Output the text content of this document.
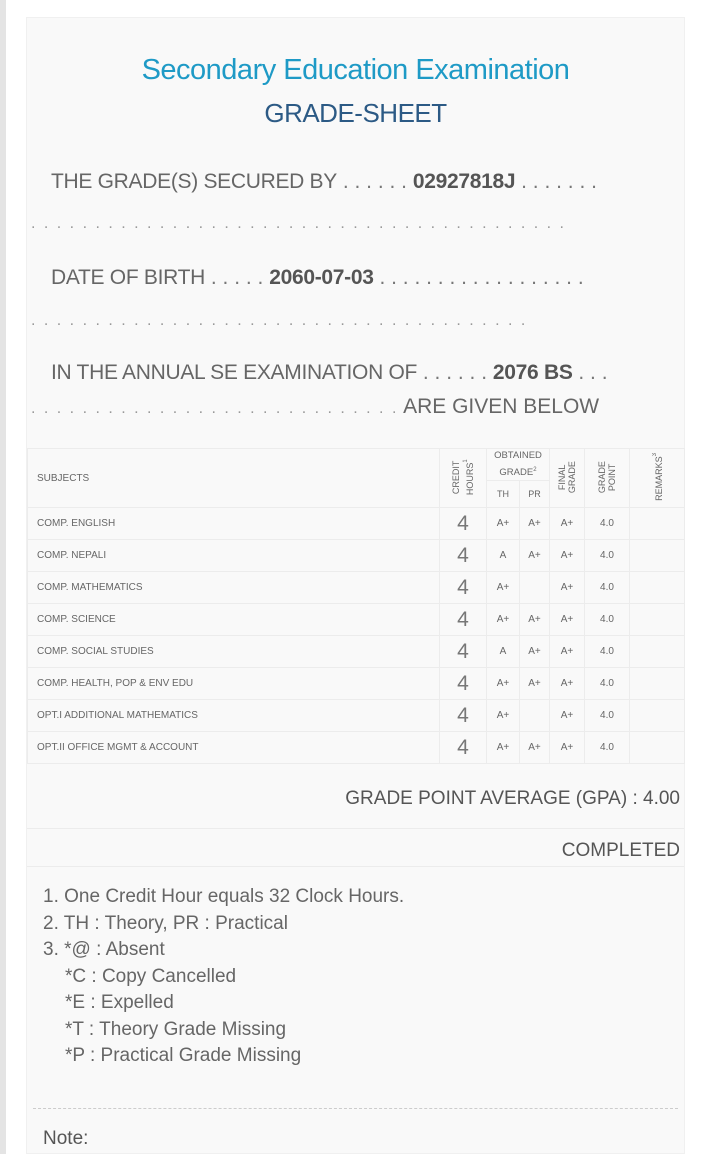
Secondary Education Examination
GRADE-SHEET
THE GRADE(S) SECURED BY . . . . . . 02927818J . . . . . . .
. . . . . . . . . . . . . . . . . . . . . . . . . . . . . . . . . . . . . . . . . .
DATE OF BIRTH . . . . . 2060-07-03 . . . . . . . . . . . . . . . . . .
. . . . . . . . . . . . . . . . . . . . . . . . . . . . . . . . . . . . . . .
IN THE ANNUAL SE EXAMINATION OF . . . . . . 2076 BS . . .
. . . . . . . . . . . . . . . . . . . . . . . . . . . . . ARE GIVEN BELOW
SUBJECTS	CREDIT HOURS$^1$	OBTAINED GRADE$^2$		FINAL GRADE	GRADE POINT	REMARKS$^3$
		TH	PR			
COMP. ENGLISH	4	A+	A+	A+	4.0	
COMP. NEPALI	4	A	A+	A+	4.0	
COMP. MATHEMATICS	4	A+		A+	4.0	
COMP. SCIENCE	4	A+	A+	A+	4.0	
COMP. SOCIAL STUDIES	4	A	A+	A+	4.0	
COMP. HEALTH, POP & ENV EDU	4	A+	A+	A+	4.0	
OPT.I ADDITIONAL MATHEMATICS	4	A+		A+	4.0	
OPT.II OFFICE MGMT & ACCOUNT	4	A+	A+	A+	4.0	
GRADE POINT AVERAGE (GPA) : 4.00
COMPLETED
1. One Credit Hour equals 32 Clock Hours.
2. TH : Theory, PR : Practical
3. *@ : Absent
*C : Copy Cancelled
*E : Expelled
*T : Theory Grade Missing
*P : Practical Grade Missing
Note:
